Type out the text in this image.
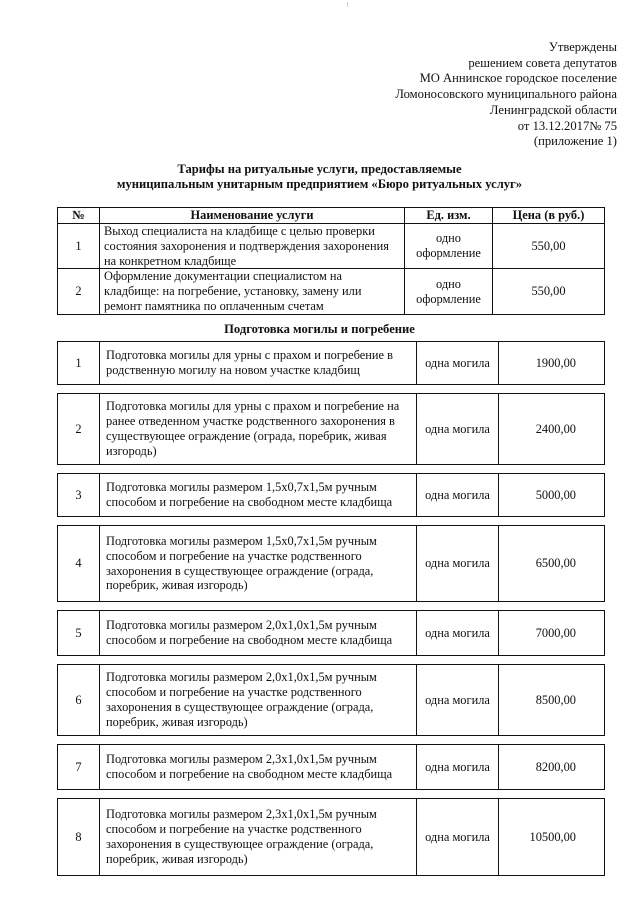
Утверждены
решением совета депутатов
МО Аннинское городское поселение
Ломоносовского муниципального района
Ленинградской области
от 13.12.2017№ 75
(приложение 1)
Тарифы на ритуальные услуги, предоставляемые
муниципальным унитарным предприятием «Бюро ритуальных услуг»
№	Наименование услуги	Ед. изм.	Цена (в руб.)
1	Выход специалиста на кладбище с целью проверки состояния захоронения и подтверждения захоронения на конкретном кладбище	одно оформление	550,00
2	Оформление документации специалистом на кладбище: на погребение, установку, замену или ремонт памятника по оплаченным счетам	одно оформление	550,00
Подготовка могилы и погребение
1	Подготовка могилы для урны с прахом и погребение в родственную могилу на новом участке кладбищ	одна могила	1900,00

2	Подготовка могилы для урны с прахом и погребение на ранее отведенном участке родственного захоронения в существующее ограждение (ограда, поребрик, живая изгородь)	одна могила	2400,00

3	Подготовка могилы размером 1,5х0,7х1,5м ручным способом и погребение на свободном месте кладбища	одна могила	5000,00

4	Подготовка могилы размером 1,5х0,7х1,5м ручным способом и погребение на участке родственного захоронения в существующее ограждение (ограда, поребрик, живая изгородь)	одна могила	6500,00

5	Подготовка могилы размером 2,0х1,0х1,5м ручным способом и погребение на свободном месте кладбища	одна могила	7000,00

6	Подготовка могилы размером 2,0х1,0х1,5м ручным способом и погребение на участке родственного захоронения в существующее ограждение (ограда, поребрик, живая изгородь)	одна могила	8500,00

7	Подготовка могилы размером 2,3х1,0х1,5м ручным способом и погребение на свободном месте кладбища	одна могила	8200,00

8	Подготовка могилы размером 2,3х1,0х1,5м ручным способом и погребение на участке родственного захоронения в существующее ограждение (ограда, поребрик, живая изгородь)	одна могила	10500,00
